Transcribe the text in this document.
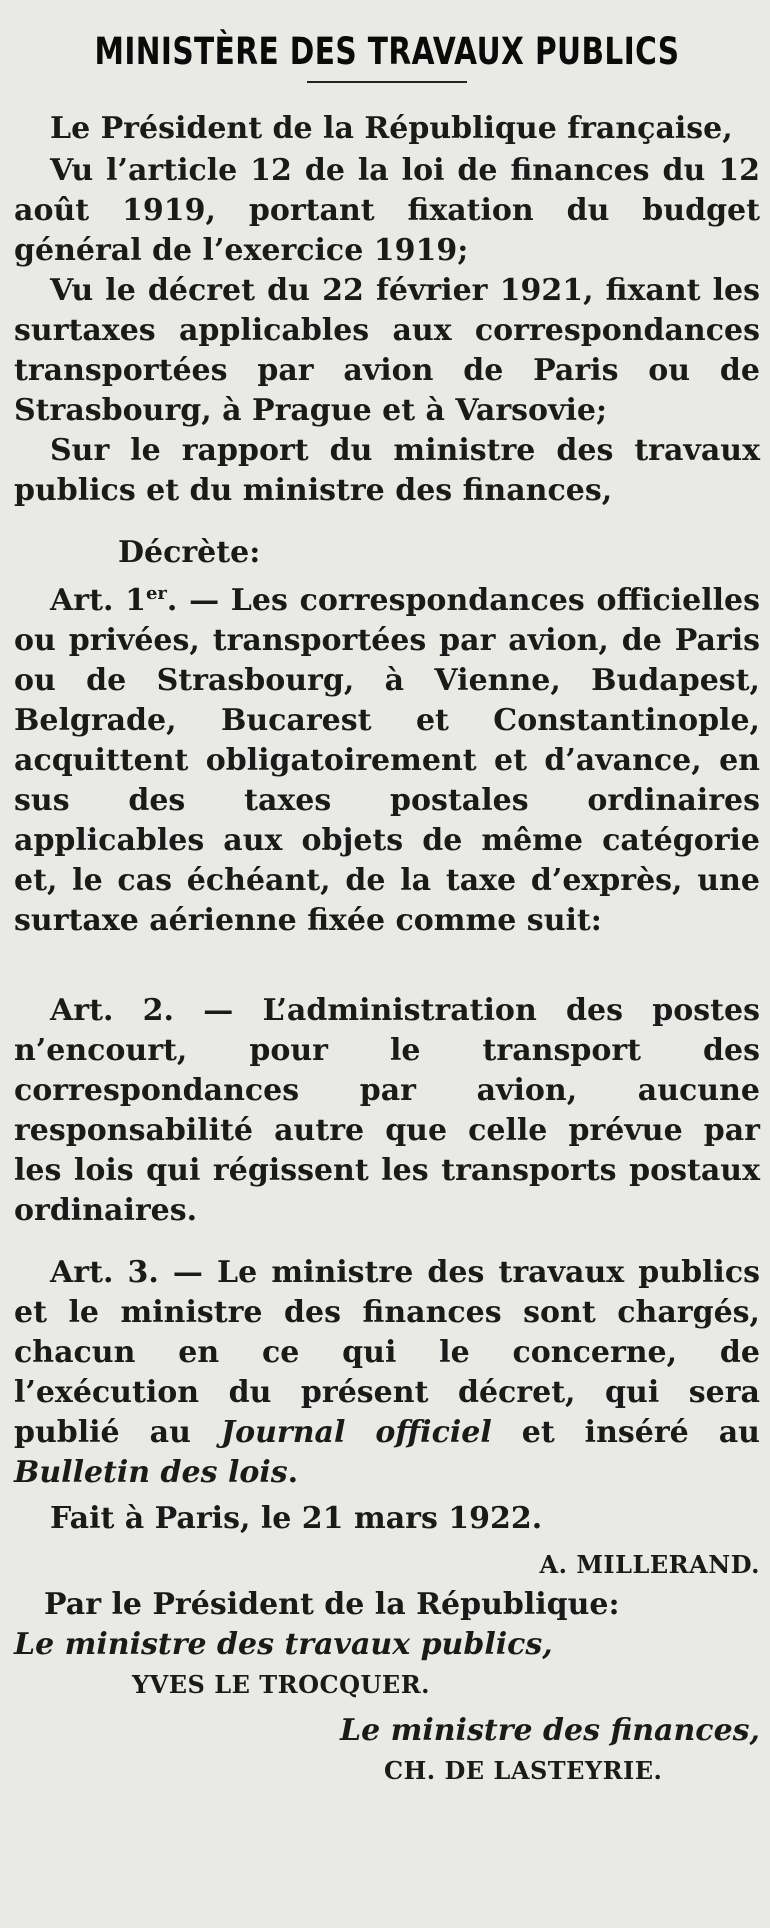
MINISTÈRE DES TRAVAUX PUBLICS

Le Président de la République française,

Vu l’article 12 de la loi de finances du 12 août 1919, portant fixation du budget général de l’exercice 1919;

Vu le décret du 22 février 1921, fixant les surtaxes applicables aux correspondances transportées par avion de Paris ou de Strasbourg, à Prague et à Varsovie;

Sur le rapport du ministre des travaux publics et du ministre des finances,

Décrète:

Art. 1er. — Les correspondances officielles ou privées, transportées par avion, de Paris ou de Strasbourg, à Vienne, Budapest, Belgrade, Bucarest et Constantinople, acquittent obligatoirement et d’avance, en sus des taxes postales ordinaires applicables aux objets de même catégorie et, le cas échéant, de la taxe d’exprès, une surtaxe aérienne fixée comme suit:

Art. 2. — L’administration des postes n’encourt, pour le transport des correspondances par avion, aucune responsabilité autre que celle prévue par les lois qui régissent les transports postaux ordinaires.

Art. 3. — Le ministre des travaux publics et le ministre des finances sont chargés, chacun en ce qui le concerne, de l’exécution du présent décret, qui sera publié au Journal officiel et inséré au Bulletin des lois.

Fait à Paris, le 21 mars 1922.

A. MILLERAND.

Par le Président de la République:

Le ministre des travaux publics,

YVES LE TROCQUER.

Le ministre des finances,

CH. DE LASTEYRIE.
